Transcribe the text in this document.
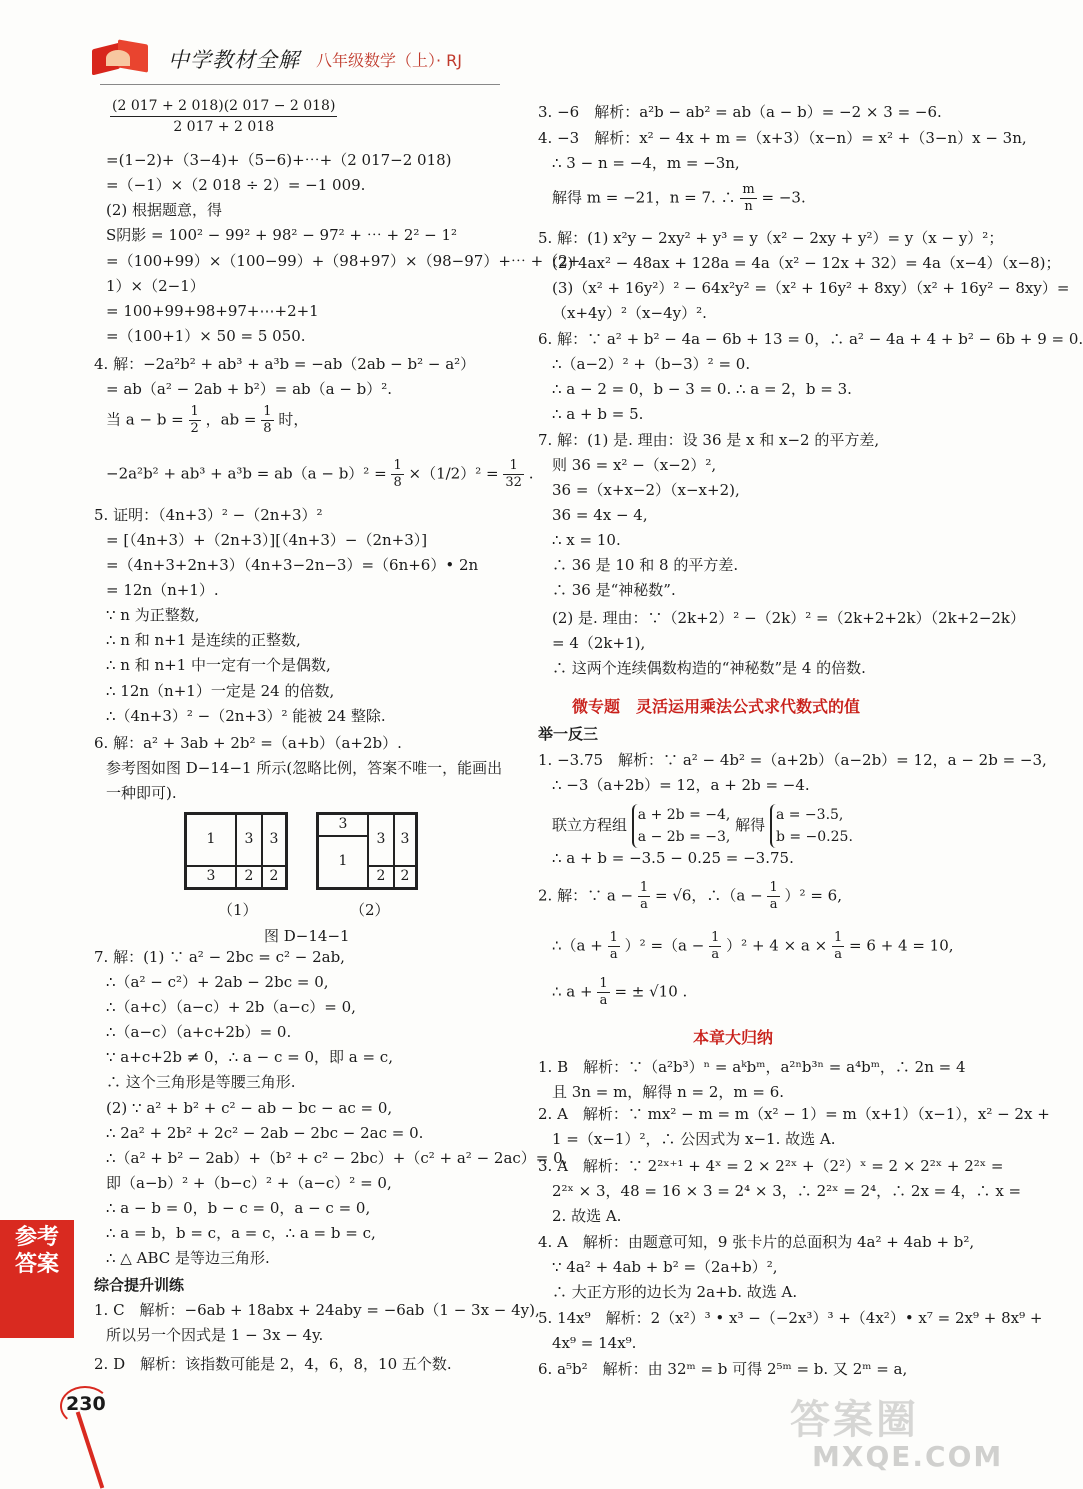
中学教材全解 八年级数学（上）· RJ
$\frac{(2 017 + 2 018)(2 017 - 2 018)}{2 017 + 2 018}$
=(1−2)+（3−4)+（5−6)+⋯+（2 017−2 018)
=（−1）×（2 018 ÷ 2）= −1 009.
(2) 根据题意，得
S阴影 = 100² − 99² + 98² − 97² + ⋯ + 2² − 1²
=（100+99）×（100−99）+（98+97）×（98−97）+⋯ +（2+
1）×（2−1）
= 100+99+98+97+⋯+2+1
=（100+1）× 50 = 5 050.
4. 解：−2a²b² + ab³ + a³b = −ab（2ab − b² − a²）
= ab（a² − 2ab + b²）= ab（a − b）².
当 $a - b = \frac{1}{2}$ ，ab = $\frac{1}{8}$ 时，
$-2a^2b^2 + ab^3 + a^3b = ab(a - b)^2 = \frac{1}{8} \times(1/2)^2 = \frac{1}{32}$ .
5. 证明：（4n+3）² −（2n+3）²
= [（4n+3）+（2n+3）][（4n+3）−（2n+3）]
=（4n+3+2n+3）（4n+3−2n−3）=（6n+6）• 2n
= 12n（n+1）.
∵ n 为正整数,
∴ n 和 n+1 是连续的正整数,
∴ n 和 n+1 中一定有一个是偶数,
∴ 12n（n+1）一定是 24 的倍数,
∴（4n+3）² −（2n+3）² 能被 24 整除.
6. 解：a² + 3ab + 2b² =（a+b）（a+2b）.
参考图如图 D−14−1 所示(忽略比例，答案不唯一，能画出
一种即可).
1	3	3
3	2	2
（1）
3
3	3
1
2	2
（2）
图 D−14−1
7. 解：(1) ∵ a² − 2bc = c² − 2ab,
∴（a² − c²）+ 2ab − 2bc = 0,
∴（a+c）（a−c）+ 2b（a−c）= 0,
∴（a−c）（a+c+2b）= 0.
∵ a+c+2b ≠ 0，∴ a − c = 0，即 a = c,
∴ 这个三角形是等腰三角形.
(2) ∵ a² + b² + c² − ab − bc − ac = 0,
∴ 2a² + 2b² + 2c² − 2ab − 2bc − 2ac = 0.
∴（a² + b² − 2ab）+（b² + c² − 2bc）+（c² + a² − 2ac）= 0,
即（a−b）² +（b−c）² +（a−c）² = 0,
∴ a − b = 0，b − c = 0，a − c = 0,
∴ a = b，b = c，a = c，∴ a = b = c,
∴ △ ABC 是等边三角形.
综合提升训练
1. C　解析：−6ab + 18abx + 24aby = −6ab（1 − 3x − 4y),
所以另一个因式是 1 − 3x − 4y.
2. D　解析：该指数可能是 2，4，6，8，10 五个数.
3. −6　解析：a²b − ab² = ab（a − b）= −2 × 3 = −6.
4. −3　解析：x² − 4x + m =（x+3）（x−n）= x² +（3−n）x − 3n,
∴ 3 − n = −4，m = −3n,
解得 m = −21，n = 7. ∴ $\frac{m}{n} = -3$.
5. 解：(1) x²y − 2xy² + y³ = y（x² − 2xy + y²）= y（x − y）²；
(2) 4ax² − 48ax + 128a = 4a（x² − 12x + 32）= 4a（x−4）（x−8)；
(3)（x² + 16y²）² − 64x²y² =（x² + 16y² + 8xy）（x² + 16y² − 8xy）=
（x+4y）²（x−4y）².
6. 解：∵ a² + b² − 4a − 6b + 13 = 0，∴ a² − 4a + 4 + b² − 6b + 9 = 0.
∴（a−2）² +（b−3）² = 0.
∴ a − 2 = 0，b − 3 = 0. ∴ a = 2，b = 3.
∴ a + b = 5.
7. 解：(1) 是. 理由：设 36 是 x 和 x−2 的平方差,
则 36 = x² −（x−2）²,
36 =（x+x−2）（x−x+2),
36 = 4x − 4,
∴ x = 10.
∴ 36 是 10 和 8 的平方差.
∴ 36 是“神秘数”.
(2) 是. 理由：∵（2k+2）² −（2k）² =（2k+2+2k）（2k+2−2k）
= 4（2k+1),
∴ 这两个连续偶数构造的“神秘数”是 4 的倍数.
微专题　灵活运用乘法公式求代数式的值
举一反三
1. −3.75　解析：∵ a² − 4b² =（a+2b）（a−2b）= 12，a − 2b = −3,
∴ −3（a+2b）= 12，a + 2b = −4.
联立方程组
a + 2b = −4,
a − 2b = −3,
解得
a = −3.5,
b = −0.25.
∴ a + b = −3.5 − 0.25 = −3.75.
2. 解：∵ $a - \frac{1}{a} = √6$，∴（a − $\frac{1}{a} )^2 = 6$,
∴（a + $\frac{1}{a} )^2 =(a - \frac{1}{a} )^2 + 4 \times a \times \frac{1}{a} = 6 + 4 = 10$,
∴ $a + \frac{1}{a}$ = ± √10 .
本章大归纳
1. B　解析：∵（a²b³）ⁿ = aᵏbᵐ，a²ⁿb³ⁿ = a⁴bᵐ，∴ 2n = 4
且 3n = m，解得 n = 2，m = 6.
2. A　解析：∵ mx² − m = m（x² − 1）= m（x+1）（x−1），x² − 2x +
1 =（x−1）²，∴ 公因式为 x−1. 故选 A.
3. A　解析：∵ 2²ˣ⁺¹ + 4ˣ = 2 × 2²ˣ +（2²）ˣ = 2 × 2²ˣ + 2²ˣ =
2²ˣ × 3，48 = 16 × 3 = 2⁴ × 3，∴ 2²ˣ = 2⁴，∴ 2x = 4，∴ x =
2. 故选 A.
4. A　解析：由题意可知，9 张卡片的总面积为 4a² + 4ab + b²,
∵ 4a² + 4ab + b² =（2a+b）²,
∴ 大正方形的边长为 2a+b. 故选 A.
5. 14x⁹　解析：2（x²）³ • x³ −（−2x³）³ +（4x²）• x⁷ = 2x⁹ + 8x⁹ +
4x⁹ = 14x⁹.
6. a⁵b²　解析：由 32ᵐ = b 可得 2⁵ᵐ = b. 又 2ᵐ = a,
参考答案
230	答案圈
MXQE.COM
